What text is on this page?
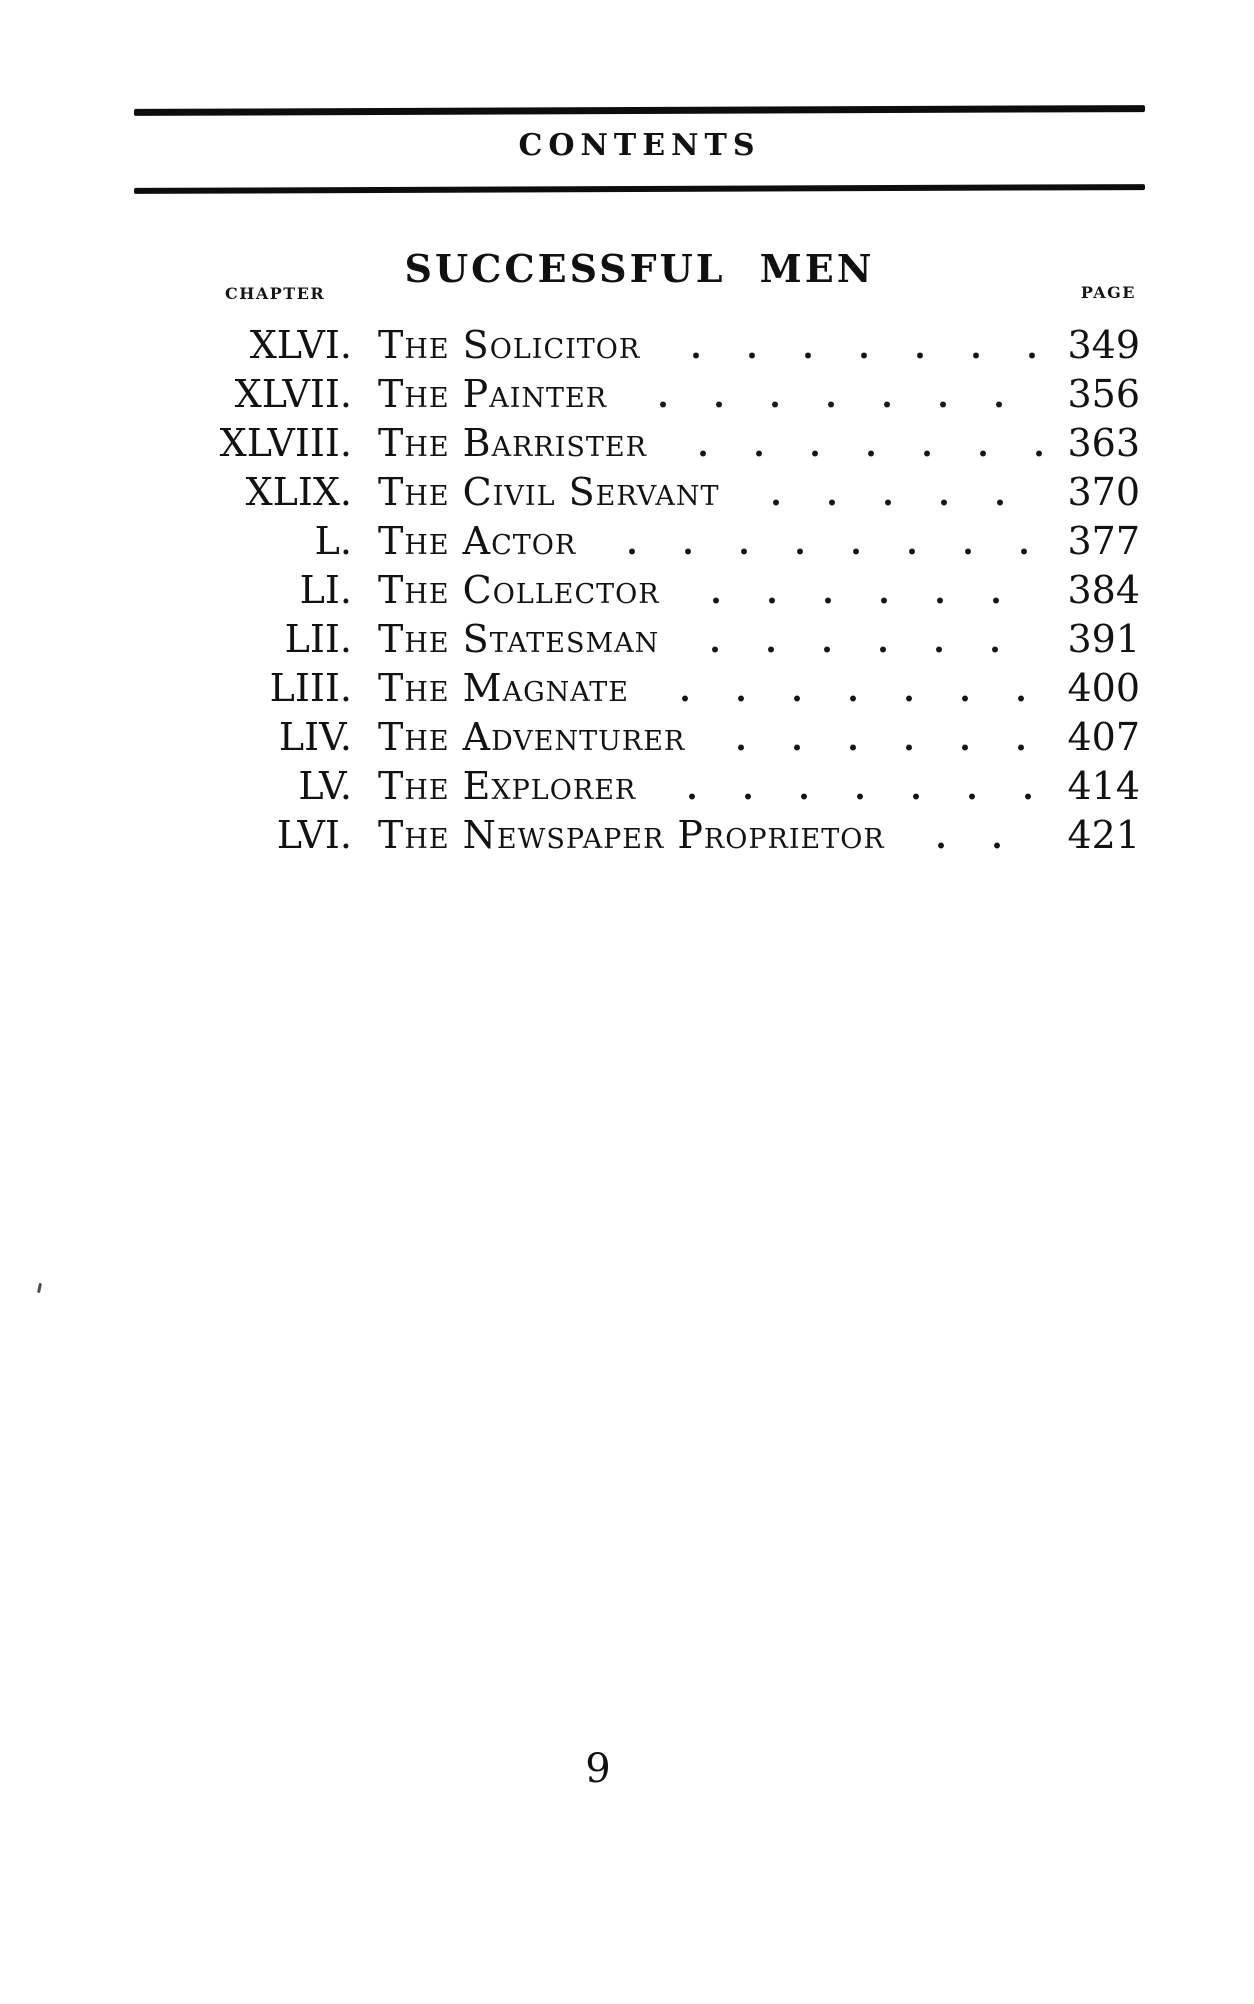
CONTENTS
SUCCESSFUL MEN
CHAPTER	PAGE
XLVI. The Solicitor	349
XLVII. The Painter	356
XLVIII. The Barrister	363
XLIX. The Civil Servant	370
L. The Actor	377
LI. The Collector	384
LII. The Statesman	391
LIII. The Magnate	400
LIV. The Adventurer	407
LV. The Explorer	414
LVI. The Newspaper Proprietor	421
9
